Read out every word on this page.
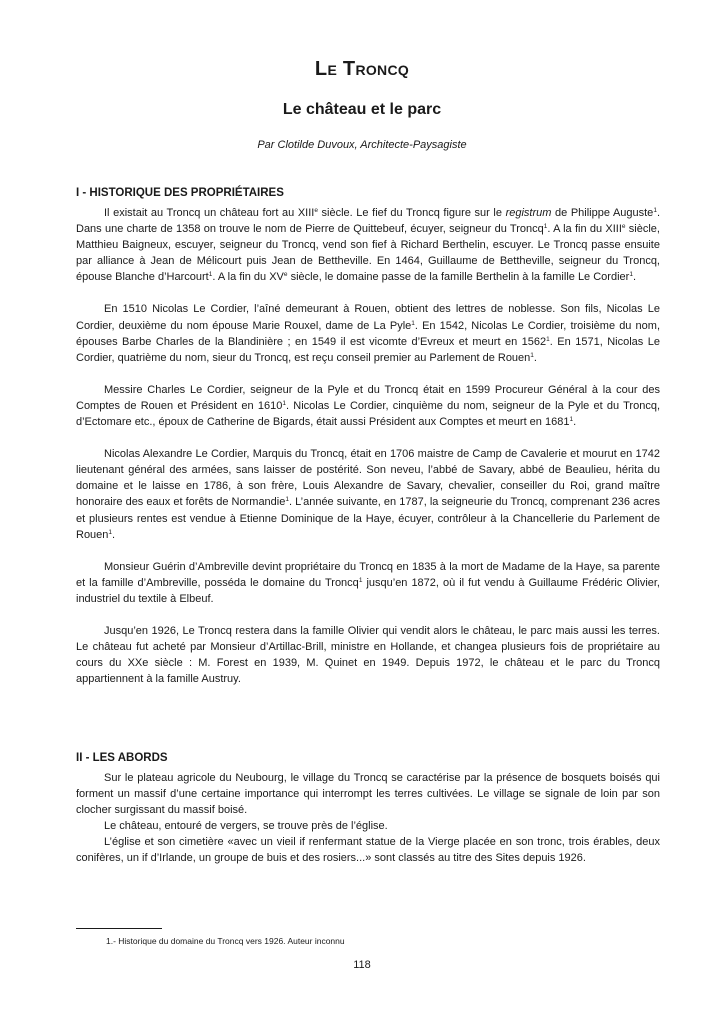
Le Troncq
Le château et le parc
Par Clotilde Duvoux, Architecte-Paysagiste
I - HISTORIQUE DES PROPRIÉTAIRES

Il existait au Troncq un château fort au XIIIe siècle. Le fief du Troncq figure sur le registrum de Philippe Auguste$^1$. Dans une charte de 1358 on trouve le nom de Pierre de Quittebeuf, écuyer, seigneur du Troncq$^1$. A la fin du XIIIe siècle, Matthieu Baigneux, escuyer, seigneur du Troncq, vend son fief à Richard Berthelin, escuyer. Le Troncq passe ensuite par alliance à Jean de Mélicourt puis Jean de Bettheville. En 1464, Guillaume de Bettheville, seigneur du Troncq, épouse Blanche d’Harcourt$^1$. A la fin du XVe siècle, le domaine passe de la famille Berthelin à la famille Le Cordier$^1$.

En 1510 Nicolas Le Cordier, l’aîné demeurant à Rouen, obtient des lettres de noblesse. Son fils, Nicolas Le Cordier, deuxième du nom épouse Marie Rouxel, dame de La Pyle$^1$. En 1542, Nicolas Le Cordier, troisième du nom, épouses Barbe Charles de la Blandinière ; en 1549 il est vicomte d’Evreux et meurt en 1562$^1$. En 1571, Nicolas Le Cordier, quatrième du nom, sieur du Troncq, est reçu conseil premier au Parlement de Rouen$^1$.

Messire Charles Le Cordier, seigneur de la Pyle et du Troncq était en 1599 Procureur Général à la cour des Comptes de Rouen et Président en 1610$^1$. Nicolas Le Cordier, cinquième du nom, seigneur de la Pyle et du Troncq, d’Ectomare etc., époux de Catherine de Bigards, était aussi Président aux Comptes et meurt en 1681$^1$.

Nicolas Alexandre Le Cordier, Marquis du Troncq, était en 1706 maistre de Camp de Cavalerie et mourut en 1742 lieutenant général des armées, sans laisser de postérité. Son neveu, l’abbé de Savary, abbé de Beaulieu, hérita du domaine et le laisse en 1786, à son frère, Louis Alexandre de Savary, chevalier, conseiller du Roi, grand maître honoraire des eaux et forêts de Normandie$^1$. L’année suivante, en 1787, la seigneurie du Troncq, comprenant 236 acres et plusieurs rentes est vendue à Etienne Dominique de la Haye, écuyer, contrôleur à la Chancellerie du Parlement de Rouen$^1$.

Monsieur Guérin d’Ambreville devint propriétaire du Troncq en 1835 à la mort de Madame de la Haye, sa parente et la famille d’Ambreville, posséda le domaine du Troncq$^1$ jusqu’en 1872, où il fut vendu à Guillaume Frédéric Olivier, industriel du textile à Elbeuf.

Jusqu’en 1926, Le Troncq restera dans la famille Olivier qui vendit alors le château, le parc mais aussi les terres. Le château fut acheté par Monsieur d’Artillac-Brill, ministre en Hollande, et changea plusieurs fois de propriétaire au cours du XXe siècle : M. Forest en 1939, M. Quinet en 1949. Depuis 1972, le château et le parc du Troncq appartiennent à la famille Austruy.

II - LES ABORDS

Sur le plateau agricole du Neubourg, le village du Troncq se caractérise par la présence de bosquets boisés qui forment un massif d’une certaine importance qui interrompt les terres cultivées. Le village se signale de loin par son clocher surgissant du massif boisé.

Le château, entouré de vergers, se trouve près de l’église.

L’église et son cimetière «avec un vieil if renfermant statue de la Vierge placée en son tronc, trois érables, deux conifères, un if d’Irlande, un groupe de buis et des rosiers...» sont classés au titre des Sites depuis 1926.

1.- Historique du domaine du Troncq vers 1926. Auteur inconnu
118
